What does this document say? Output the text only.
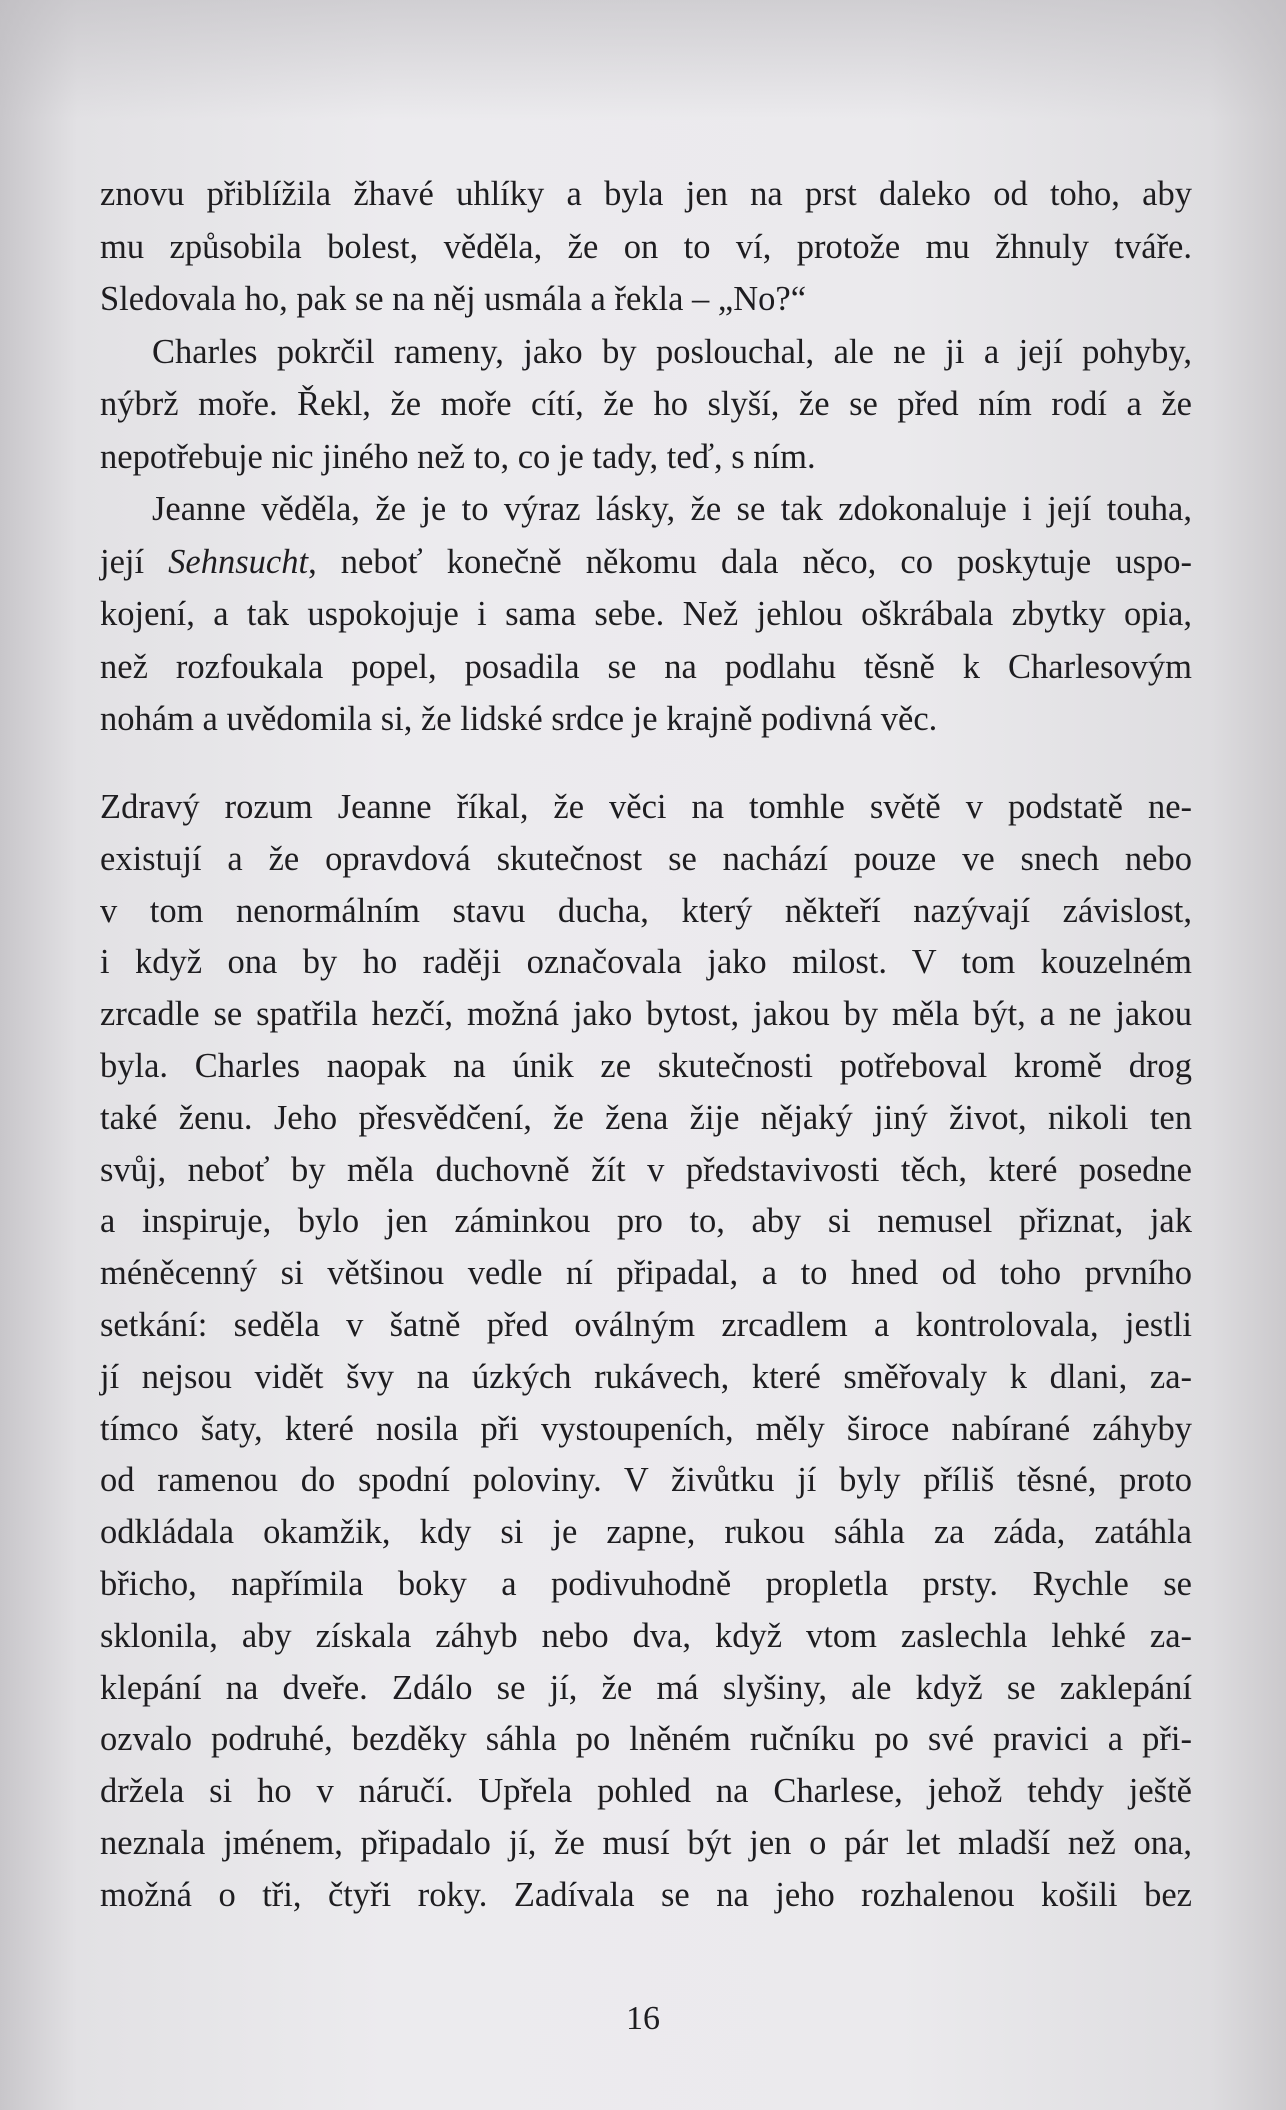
znovu přiblížila žhavé uhlíky a byla jen na prst daleko od toho, aby
mu způsobila bolest, věděla, že on to ví, protože mu žhnuly tváře.
Sledovala ho, pak se na něj usmála a řekla – „No?“
Charles pokrčil rameny, jako by poslouchal, ale ne ji a její pohyby,
nýbrž moře. Řekl, že moře cítí, že ho slyší, že se před ním rodí a že
nepotřebuje nic jiného než to, co je tady, teď, s ním.
Jeanne věděla, že je to výraz lásky, že se tak zdokonaluje i její touha,
její Sehnsucht, neboť konečně někomu dala něco, co poskytuje uspo-
kojení, a tak uspokojuje i sama sebe. Než jehlou oškrábala zbytky opia,
než rozfoukala popel, posadila se na podlahu těsně k Charlesovým
nohám a uvědomila si, že lidské srdce je krajně podivná věc.
Zdravý rozum Jeanne říkal, že věci na tomhle světě v podstatě ne-
existují a že opravdová skutečnost se nachází pouze ve snech nebo
v tom nenormálním stavu ducha, který někteří nazývají závislost,
i když ona by ho raději označovala jako milost. V tom kouzelném
zrcadle se spatřila hezčí, možná jako bytost, jakou by měla být, a ne jakou
byla. Charles naopak na únik ze skutečnosti potřeboval kromě drog
také ženu. Jeho přesvědčení, že žena žije nějaký jiný život, nikoli ten
svůj, neboť by měla duchovně žít v představivosti těch, které posedne
a inspiruje, bylo jen záminkou pro to, aby si nemusel přiznat, jak
méněcenný si většinou vedle ní připadal, a to hned od toho prvního
setkání: seděla v šatně před oválným zrcadlem a kontrolovala, jestli
jí nejsou vidět švy na úzkých rukávech, které směřovaly k dlani, za-
tímco šaty, které nosila při vystoupeních, měly široce nabírané záhyby
od ramenou do spodní poloviny. V živůtku jí byly příliš těsné, proto
odkládala okamžik, kdy si je zapne, rukou sáhla za záda, zatáhla
břicho, napřímila boky a podivuhodně propletla prsty. Rychle se
sklonila, aby získala záhyb nebo dva, když vtom zaslechla lehké za-
klepání na dveře. Zdálo se jí, že má slyšiny, ale když se zaklepání
ozvalo podruhé, bezděky sáhla po lněném ručníku po své pravici a při-
držela si ho v náručí. Upřela pohled na Charlese, jehož tehdy ještě
neznala jménem, připadalo jí, že musí být jen o pár let mladší než ona,
možná o tři, čtyři roky. Zadívala se na jeho rozhalenou košili bez
16
